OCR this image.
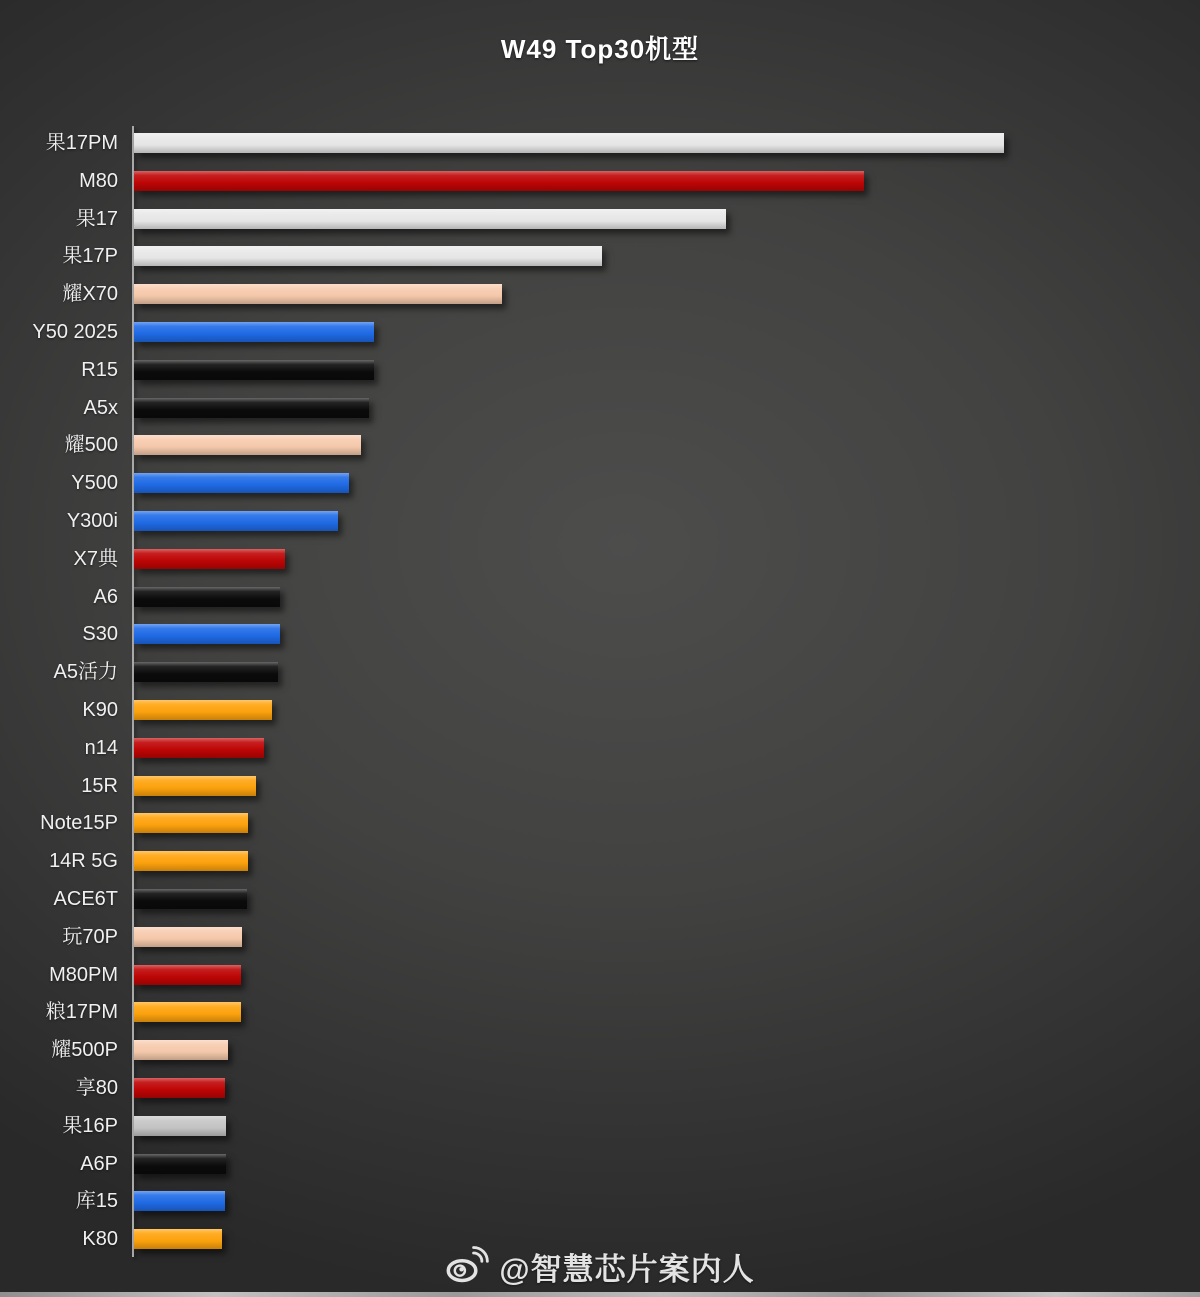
W49 Top30机型
果17PM
M80
果17
果17P
耀X70
Y50 2025
R15
A5x
耀500
Y500
Y300i
X7典
A6
S30
A5活力
K90
n14
15R
Note15P
14R 5G
ACE6T
玩70P
M80PM
粮17PM
耀500P
享80
果16P
A6P
库15
K80
@智慧芯片案内人
